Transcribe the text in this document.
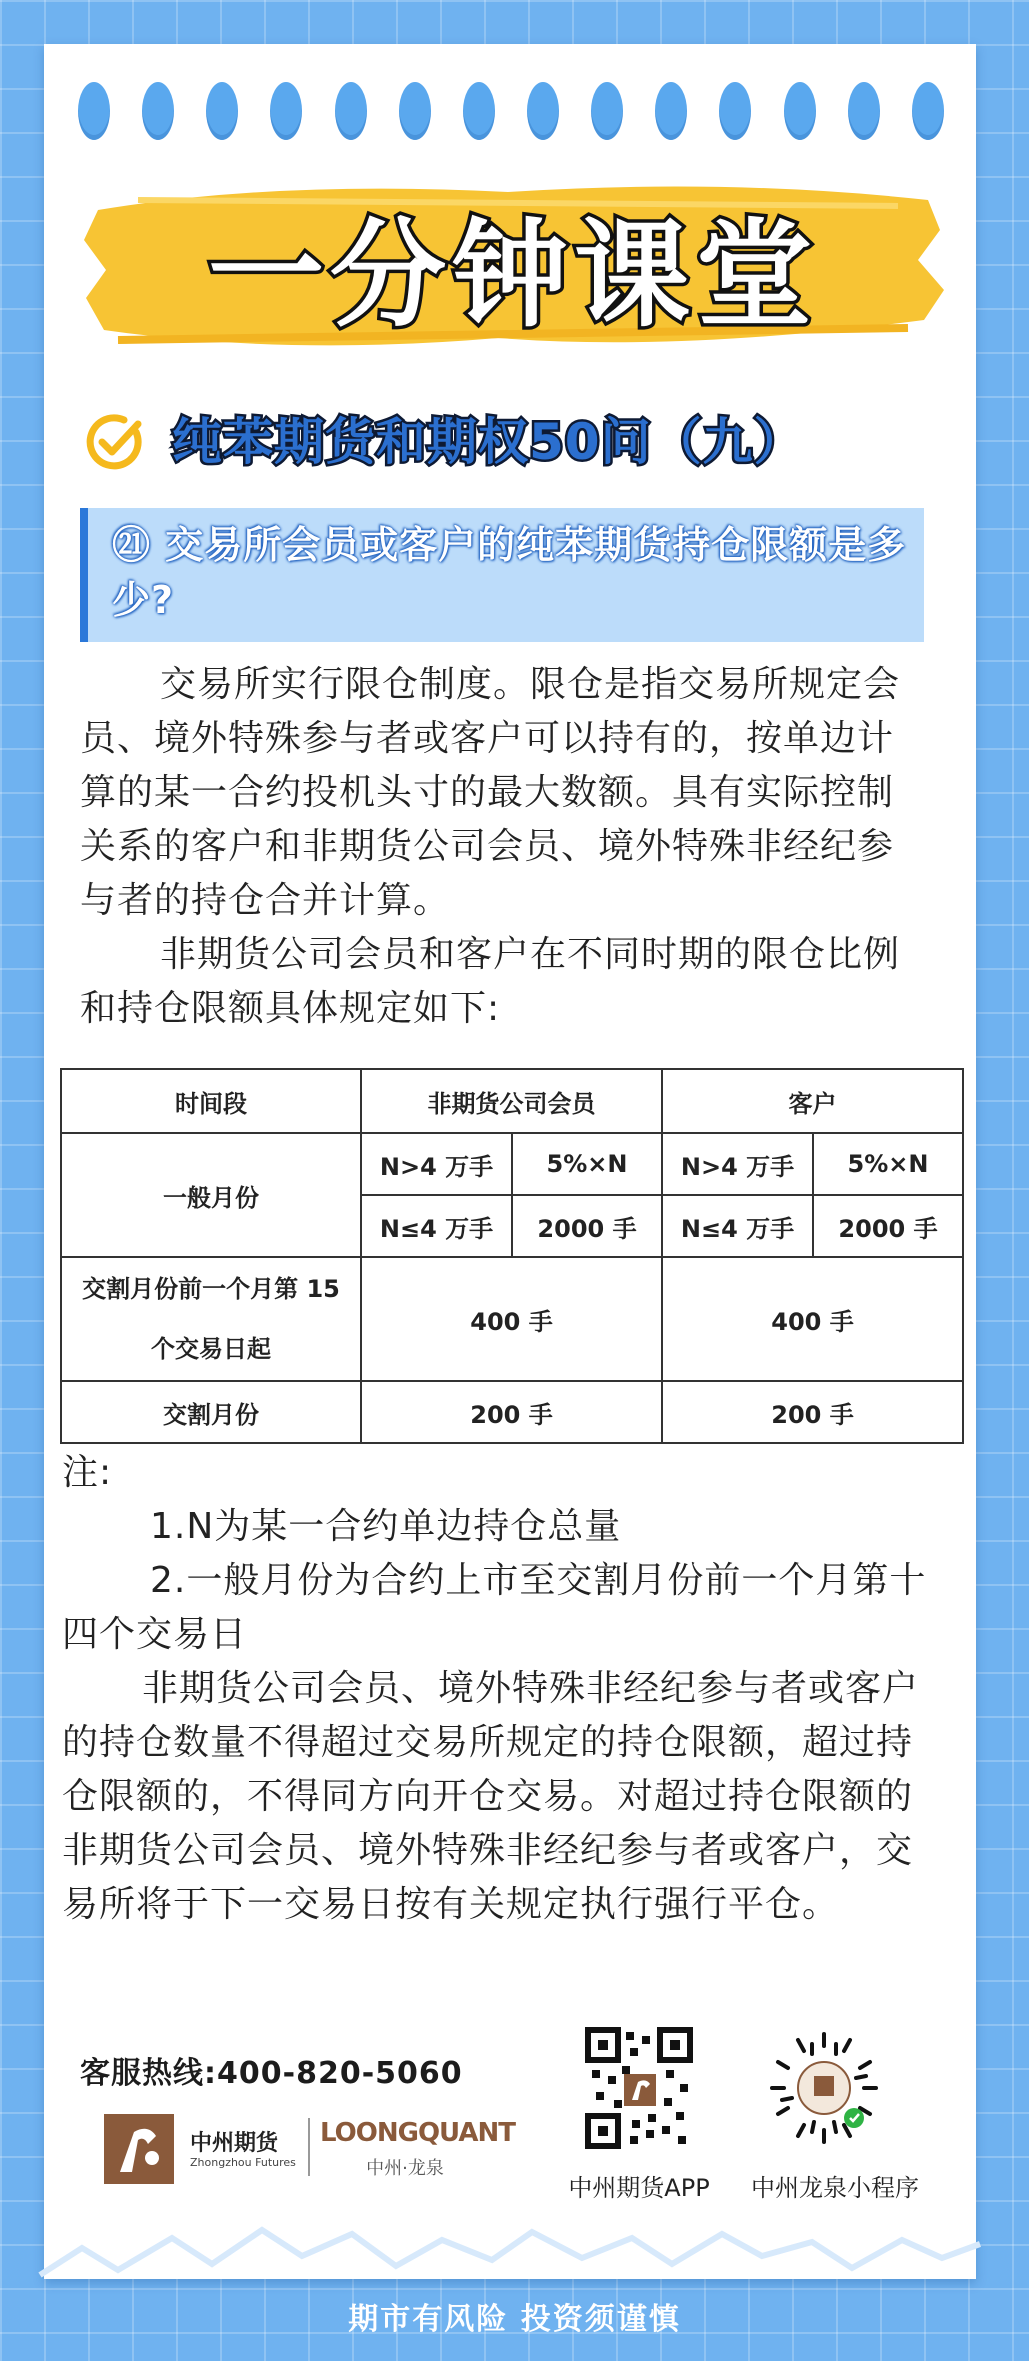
一分钟课堂
纯苯期货和期权50问（九）
㉑ 交易所会员或客户的纯苯期货持仓限额是多少?

交易所实行限仓制度。限仓是指交易所规定会员、境外特殊参与者或客户可以持有的，按单边计算的某一合约投机头寸的最大数额。具有实际控制关系的客户和非期货公司会员、境外特殊非经纪参与者的持仓合并计算。

非期货公司会员和客户在不同时期的限仓比例和持仓限额具体规定如下:

时间段	非期货公司会员		客户	
一般月份	N>4 万手	5%×N	N>4 万手	5%×N
	N≤4 万手	2000 手	N≤4 万手	2000 手
交割月份前一个月第 15 个交易日起	400 手		400 手	
交割月份	200 手		200 手	

注:

1.N为某一合约单边持仓总量

2.一般月份为合约上市至交割月份前一个月第十四个交易日

非期货公司会员、境外特殊非经纪参与者或客户的持仓数量不得超过交易所规定的持仓限额，超过持仓限额的，不得同方向开仓交易。对超过持仓限额的非期货公司会员、境外特殊非经纪参与者或客户，交易所将于下一交易日按有关规定执行强行平仓。

客服热线:400-820-5060
中州期货
Zhongzhou Futures
LOONGQUANT
中州·龙泉
中州期货APP	中州龙泉小程序
期市有风险 投资须谨慎
